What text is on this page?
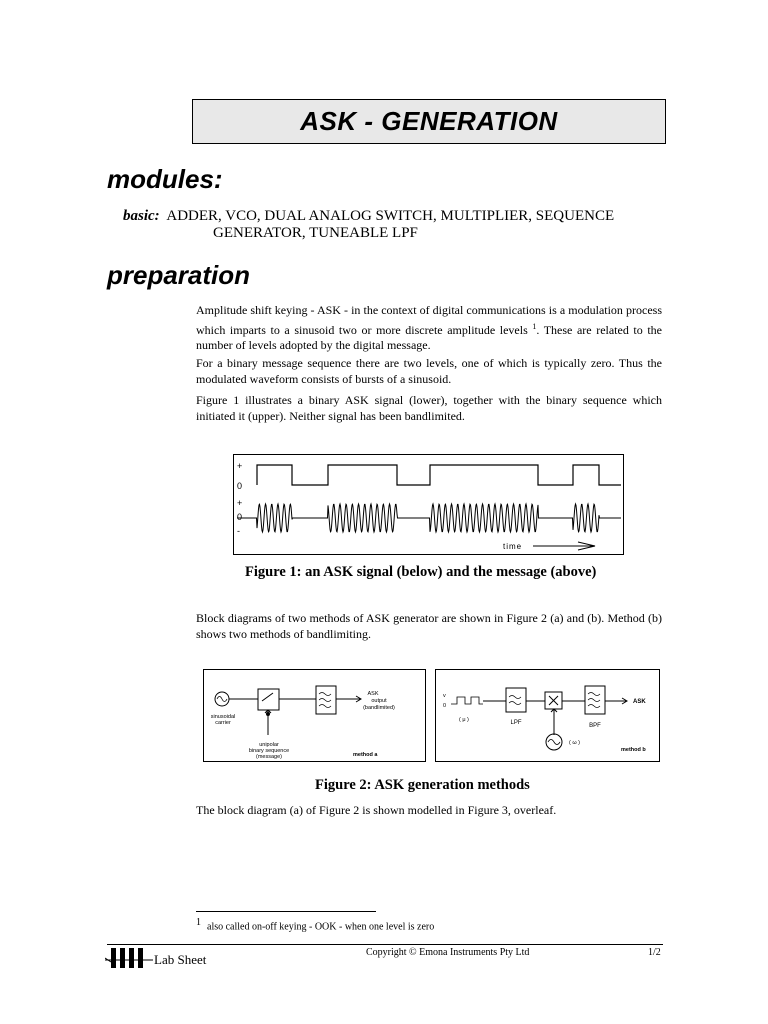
ASK - GENERATION
modules:
basic: ADDER, VCO, DUAL ANALOG SWITCH, MULTIPLIER, SEQUENCE
GENERATOR, TUNEABLE LPF
preparation
Amplitude shift keying - ASK - in the context of digital communications is a modulation process which imparts to a sinusoid two or more discrete amplitude levels $^1$. These are related to the number of levels adopted by the digital message.
For a binary message sequence there are two levels, one of which is typically zero. Thus the modulated waveform consists of bursts of a sinusoid.
Figure 1 illustrates a binary ASK signal (lower), together with the binary sequence which initiated it (upper). Neither signal has been bandlimited.
+
0
+
0
-
time
Figure 1: an ASK signal (below) and the message (above)
Block diagrams of two methods of ASK generator are shown in Figure 2 (a) and (b). Method (b) shows two methods of bandlimiting.
ASK
output
(bandlimited)
sinusoidal
carrier
unipolar
binary sequence
(message)	method a
v
0
( μ )	LPF
( ω )
BPF
ASK
method b
Figure 2: ASK generation methods
The block diagram (a) of Figure 2 is shown modelled in Figure 3, overleaf.
1 also called on-off keying - OOK - when one level is zero
Lab Sheet	Copyright © Emona Instruments Pty Ltd	1/2
